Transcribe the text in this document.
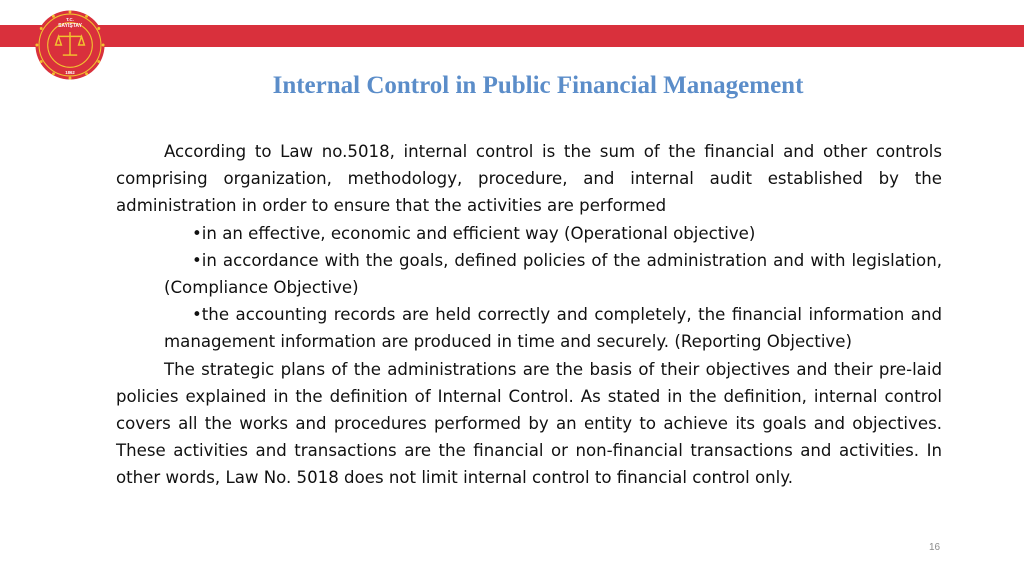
T.C.
SAYIŞTAY
1862	Internal Control in Public Financial Management

According to Law no.5018, internal control is the sum of the financial and other controls comprising organization, methodology, procedure, and internal audit established by the administration in order to ensure that the activities are performed

•in an effective, economic and efficient way (Operational objective)

•in accordance with the goals, defined policies of the administration and with legislation, (Compliance Objective)

•the accounting records are held correctly and completely, the financial information and management information are produced in time and securely. (Reporting Objective)

The strategic plans of the administrations are the basis of their objectives and their pre-laid policies explained in the definition of Internal Control. As stated in the definition, internal control covers all the works and procedures performed by an entity to achieve its goals and objectives. These activities and transactions are the financial or non-financial transactions and activities. In other words, Law No. 5018 does not limit internal control to financial control only.

16
